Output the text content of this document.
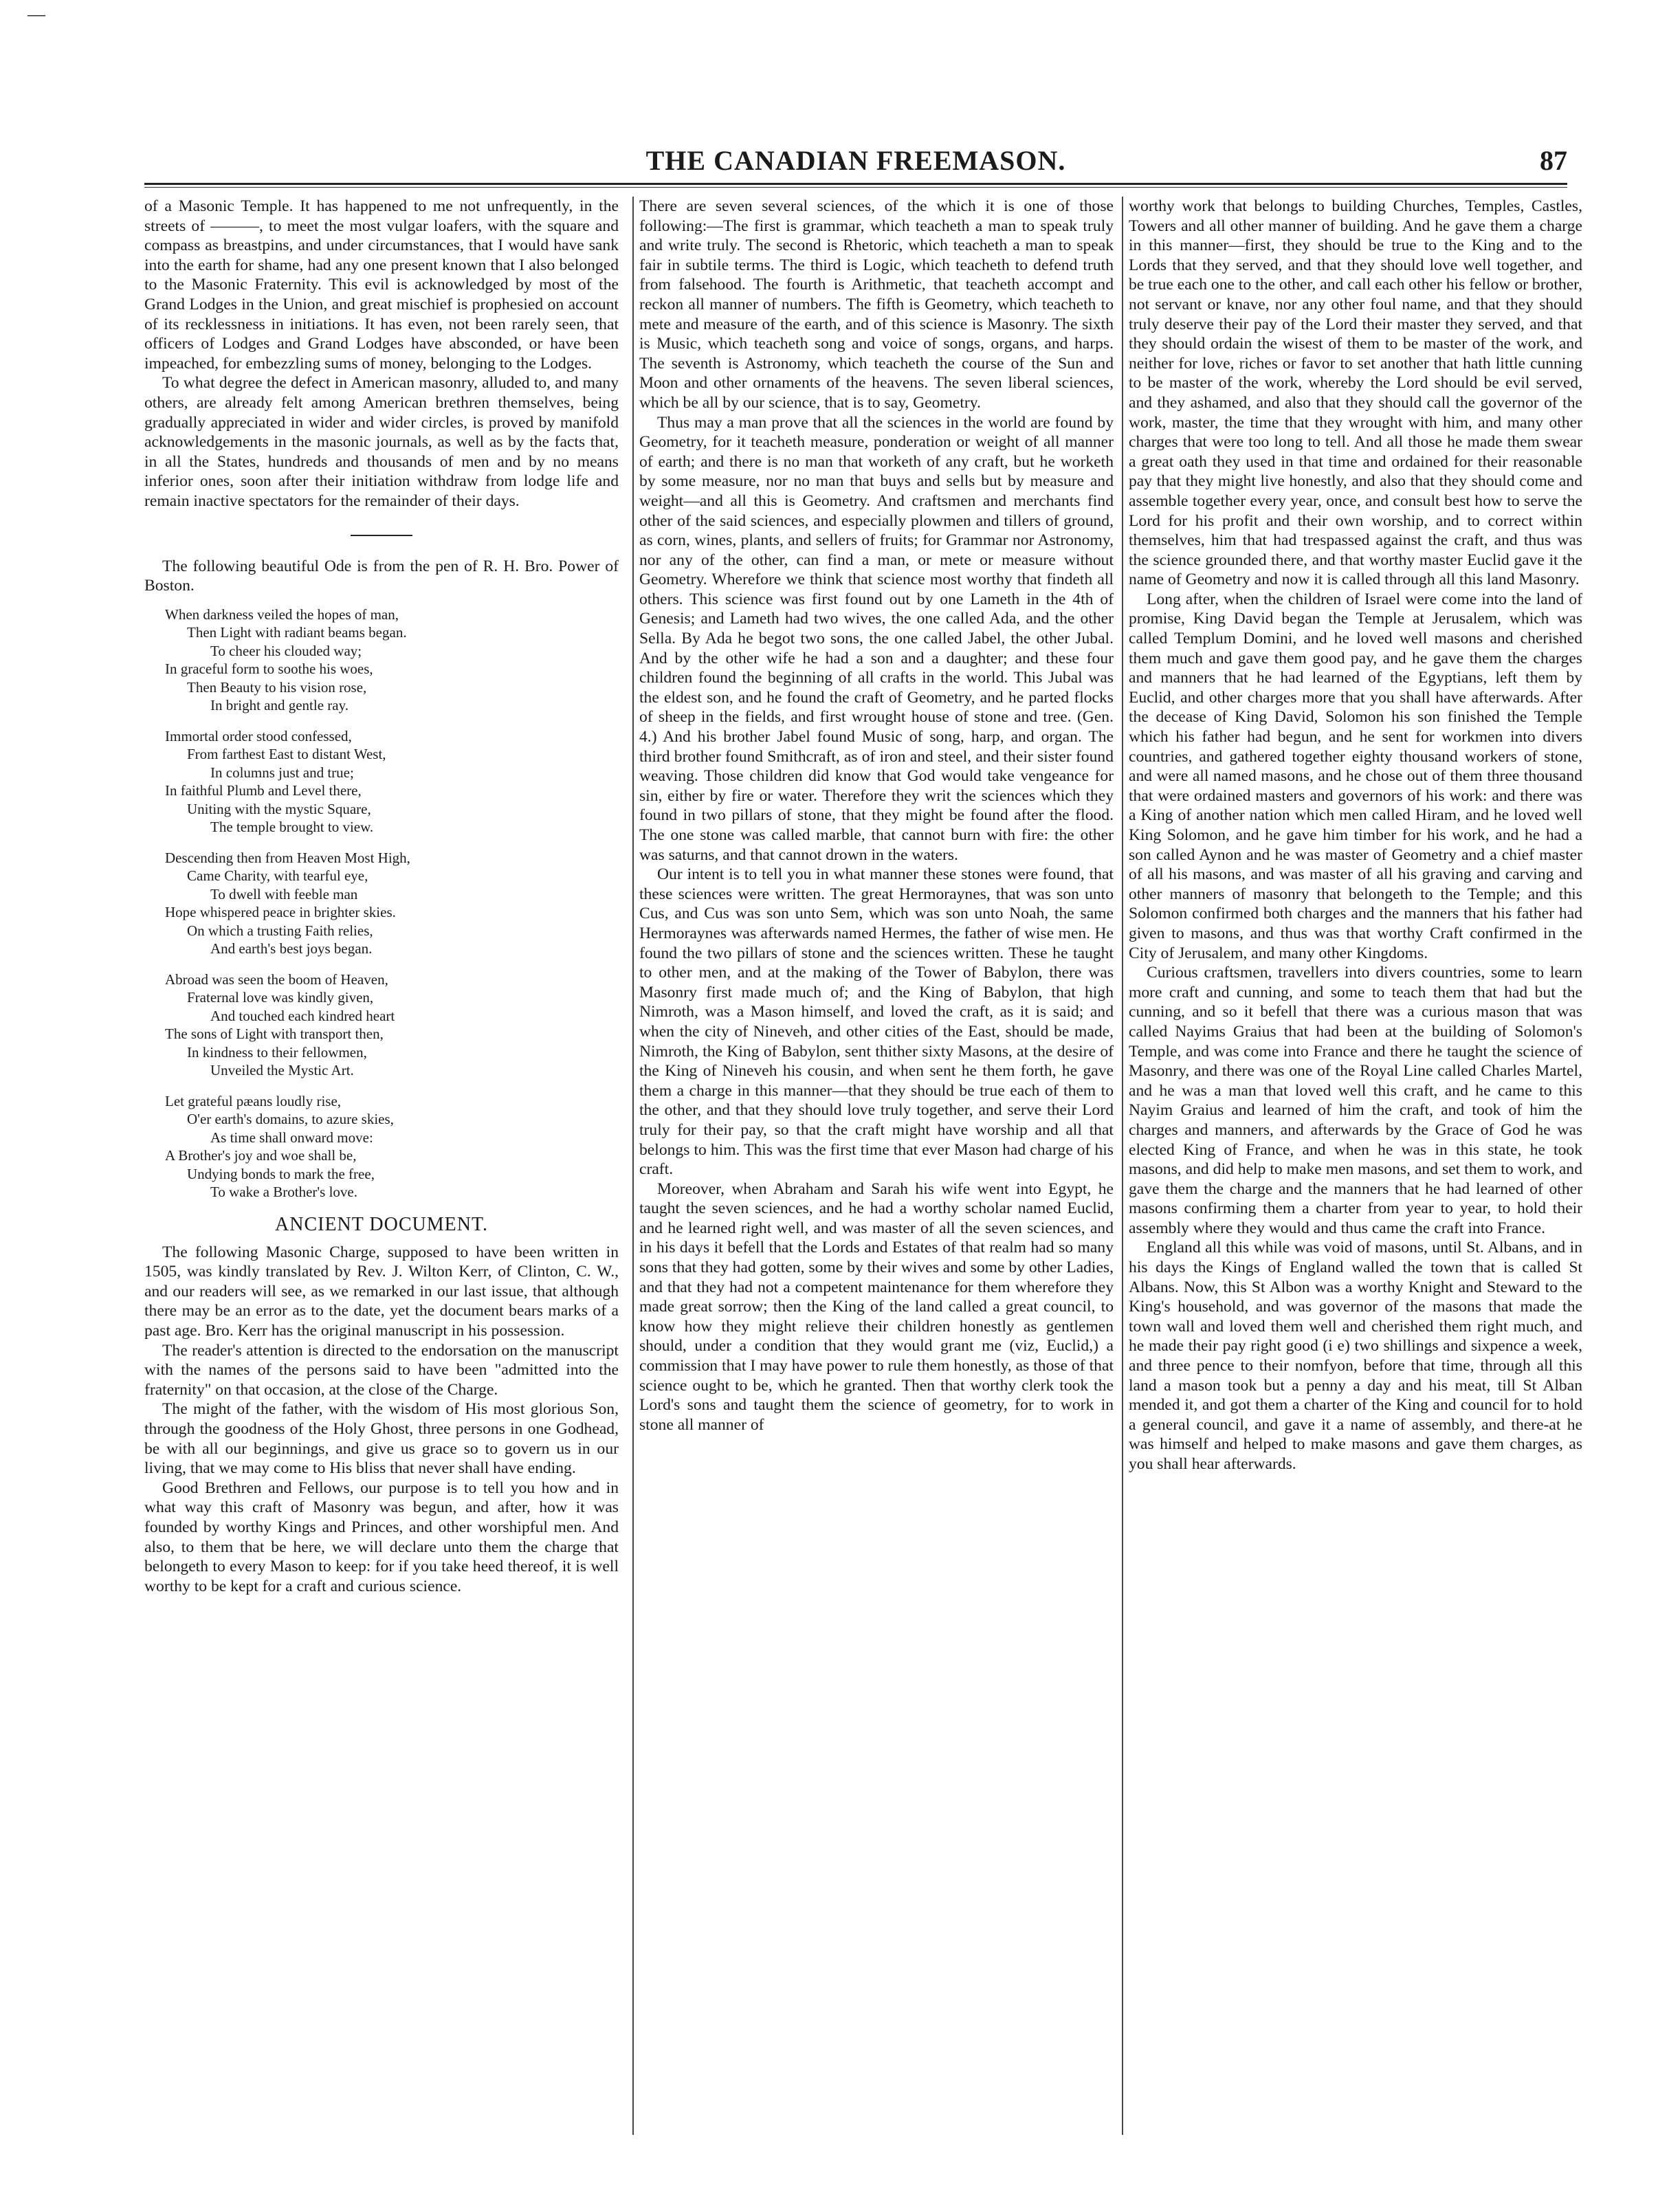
—
THE CANADIAN FREEMASON.	87

of a Masonic Temple. It has happened to me not unfrequently, in the streets of ———, to meet the most vulgar loafers, with the square and compass as breastpins, and under circumstances, that I would have sank into the earth for shame, had any one present known that I also belonged to the Masonic Fraternity. This evil is acknowledged by most of the Grand Lodges in the Union, and great mischief is prophesied on account of its recklessness in initiations. It has even, not been rarely seen, that officers of Lodges and Grand Lodges have absconded, or have been impeached, for embezzling sums of money, belonging to the Lodges.

To what degree the defect in American masonry, alluded to, and many others, are already felt among American brethren themselves, being gradually appreciated in wider and wider circles, is proved by manifold acknowledgements in the masonic journals, as well as by the facts that, in all the States, hundreds and thousands of men and by no means inferior ones, soon after their initiation withdraw from lodge life and remain inactive spectators for the remainder of their days.

The following beautiful Ode is from the pen of R. H. Bro. Power of Boston.

When darkness veiled the hopes of man,
Then Light with radiant beams began.
To cheer his clouded way;
In graceful form to soothe his woes,
Then Beauty to his vision rose,
In bright and gentle ray.
Immortal order stood confessed,
From farthest East to distant West,
In columns just and true;
In faithful Plumb and Level there,
Uniting with the mystic Square,
The temple brought to view.
Descending then from Heaven Most High,
Came Charity, with tearful eye,
To dwell with feeble man
Hope whispered peace in brighter skies.
On which a trusting Faith relies,
And earth's best joys began.
Abroad was seen the boom of Heaven,
Fraternal love was kindly given,
And touched each kindred heart
The sons of Light with transport then,
In kindness to their fellowmen,
Unveiled the Mystic Art.
Let grateful pæans loudly rise,
O'er earth's domains, to azure skies,
As time shall onward move:
A Brother's joy and woe shall be,
Undying bonds to mark the free,
To wake a Brother's love.
ANCIENT DOCUMENT.

The following Masonic Charge, supposed to have been written in 1505, was kindly translated by Rev. J. Wilton Kerr, of Clinton, C. W., and our readers will see, as we remarked in our last issue, that although there may be an error as to the date, yet the document bears marks of a past age. Bro. Kerr has the original manuscript in his possession.

The reader's attention is directed to the endorsation on the manuscript with the names of the persons said to have been "admitted into the fraternity" on that occasion, at the close of the Charge.

The might of the father, with the wisdom of His most glorious Son, through the goodness of the Holy Ghost, three persons in one Godhead, be with all our beginnings, and give us grace so to govern us in our living, that we may come to His bliss that never shall have ending.

Good Brethren and Fellows, our purpose is to tell you how and in what way this craft of Masonry was begun, and after, how it was founded by worthy Kings and Princes, and other worshipful men. And also, to them that be here, we will declare unto them the charge that belongeth to every Mason to keep: for if you take heed thereof, it is well worthy to be kept for a craft and curious science.

There are seven several sciences, of the which it is one of those following:—The first is grammar, which teacheth a man to speak truly and write truly. The second is Rhetoric, which teacheth a man to speak fair in subtile terms. The third is Logic, which teacheth to defend truth from falsehood. The fourth is Arithmetic, that teacheth accompt and reckon all manner of numbers. The fifth is Geometry, which teacheth to mete and measure of the earth, and of this science is Masonry. The sixth is Music, which teacheth song and voice of songs, organs, and harps. The seventh is Astronomy, which teacheth the course of the Sun and Moon and other ornaments of the heavens. The seven liberal sciences, which be all by our science, that is to say, Geometry.

Thus may a man prove that all the sciences in the world are found by Geometry, for it teacheth measure, ponderation or weight of all manner of earth; and there is no man that worketh of any craft, but he worketh by some measure, nor no man that buys and sells but by measure and weight—and all this is Geometry. And craftsmen and merchants find other of the said sciences, and especially plowmen and tillers of ground, as corn, wines, plants, and sellers of fruits; for Grammar nor Astronomy, nor any of the other, can find a man, or mete or measure without Geometry. Wherefore we think that science most worthy that findeth all others. This science was first found out by one Lameth in the 4th of Genesis; and Lameth had two wives, the one called Ada, and the other Sella. By Ada he begot two sons, the one called Jabel, the other Jubal. And by the other wife he had a son and a daughter; and these four children found the beginning of all crafts in the world. This Jubal was the eldest son, and he found the craft of Geometry, and he parted flocks of sheep in the fields, and first wrought house of stone and tree. (Gen. 4.) And his brother Jabel found Music of song, harp, and organ. The third brother found Smithcraft, as of iron and steel, and their sister found weaving. Those children did know that God would take vengeance for sin, either by fire or water. Therefore they writ the sciences which they found in two pillars of stone, that they might be found after the flood. The one stone was called marble, that cannot burn with fire: the other was saturns, and that cannot drown in the waters.

Our intent is to tell you in what manner these stones were found, that these sciences were written. The great Hermoraynes, that was son unto Cus, and Cus was son unto Sem, which was son unto Noah, the same Hermoraynes was afterwards named Hermes, the father of wise men. He found the two pillars of stone and the sciences written. These he taught to other men, and at the making of the Tower of Babylon, there was Masonry first made much of; and the King of Babylon, that high Nimroth, was a Mason himself, and loved the craft, as it is said; and when the city of Nineveh, and other cities of the East, should be made, Nimroth, the King of Babylon, sent thither sixty Masons, at the desire of the King of Nineveh his cousin, and when sent he them forth, he gave them a charge in this manner—that they should be true each of them to the other, and that they should love truly together, and serve their Lord truly for their pay, so that the craft might have worship and all that belongs to him. This was the first time that ever Mason had charge of his craft.

Moreover, when Abraham and Sarah his wife went into Egypt, he taught the seven sciences, and he had a worthy scholar named Euclid, and he learned right well, and was master of all the seven sciences, and in his days it befell that the Lords and Estates of that realm had so many sons that they had gotten, some by their wives and some by other Ladies, and that they had not a competent maintenance for them wherefore they made great sorrow; then the King of the land called a great council, to know how they might relieve their children honestly as gentlemen should, under a condition that they would grant me (viz, Euclid,) a commission that I may have power to rule them honestly, as those of that science ought to be, which he granted. Then that worthy clerk took the Lord's sons and taught them the science of geometry, for to work in stone all manner of

worthy work that belongs to building Churches, Temples, Castles, Towers and all other manner of building. And he gave them a charge in this manner—first, they should be true to the King and to the Lords that they served, and that they should love well together, and be true each one to the other, and call each other his fellow or brother, not servant or knave, nor any other foul name, and that they should truly deserve their pay of the Lord their master they served, and that they should ordain the wisest of them to be master of the work, and neither for love, riches or favor to set another that hath little cunning to be master of the work, whereby the Lord should be evil served, and they ashamed, and also that they should call the governor of the work, master, the time that they wrought with him, and many other charges that were too long to tell. And all those he made them swear a great oath they used in that time and ordained for their reasonable pay that they might live honestly, and also that they should come and assemble together every year, once, and consult best how to serve the Lord for his profit and their own worship, and to correct within themselves, him that had trespassed against the craft, and thus was the science grounded there, and that worthy master Euclid gave it the name of Geometry and now it is called through all this land Masonry.

Long after, when the children of Israel were come into the land of promise, King David began the Temple at Jerusalem, which was called Templum Domini, and he loved well masons and cherished them much and gave them good pay, and he gave them the charges and manners that he had learned of the Egyptians, left them by Euclid, and other charges more that you shall have afterwards. After the decease of King David, Solomon his son finished the Temple which his father had begun, and he sent for workmen into divers countries, and gathered together eighty thousand workers of stone, and were all named masons, and he chose out of them three thousand that were ordained masters and governors of his work: and there was a King of another nation which men called Hiram, and he loved well King Solomon, and he gave him timber for his work, and he had a son called Aynon and he was master of Geometry and a chief master of all his masons, and was master of all his graving and carving and other manners of masonry that belongeth to the Temple; and this Solomon confirmed both charges and the manners that his father had given to masons, and thus was that worthy Craft confirmed in the City of Jerusalem, and many other Kingdoms.

Curious craftsmen, travellers into divers countries, some to learn more craft and cunning, and some to teach them that had but the cunning, and so it befell that there was a curious mason that was called Nayims Graius that had been at the building of Solomon's Temple, and was come into France and there he taught the science of Masonry, and there was one of the Royal Line called Charles Martel, and he was a man that loved well this craft, and he came to this Nayim Graius and learned of him the craft, and took of him the charges and manners, and afterwards by the Grace of God he was elected King of France, and when he was in this state, he took masons, and did help to make men masons, and set them to work, and gave them the charge and the manners that he had learned of other masons confirming them a charter from year to year, to hold their assembly where they would and thus came the craft into France.

England all this while was void of masons, until St. Albans, and in his days the Kings of England walled the town that is called St Albans. Now, this St Albon was a worthy Knight and Steward to the King's household, and was governor of the masons that made the town wall and loved them well and cherished them right much, and he made their pay right good (i e) two shillings and sixpence a week, and three pence to their nomfyon, before that time, through all this land a mason took but a penny a day and his meat, till St Alban mended it, and got them a charter of the King and council for to hold a general council, and gave it a name of assembly, and there-at he was himself and helped to make masons and gave them charges, as you shall hear afterwards.
